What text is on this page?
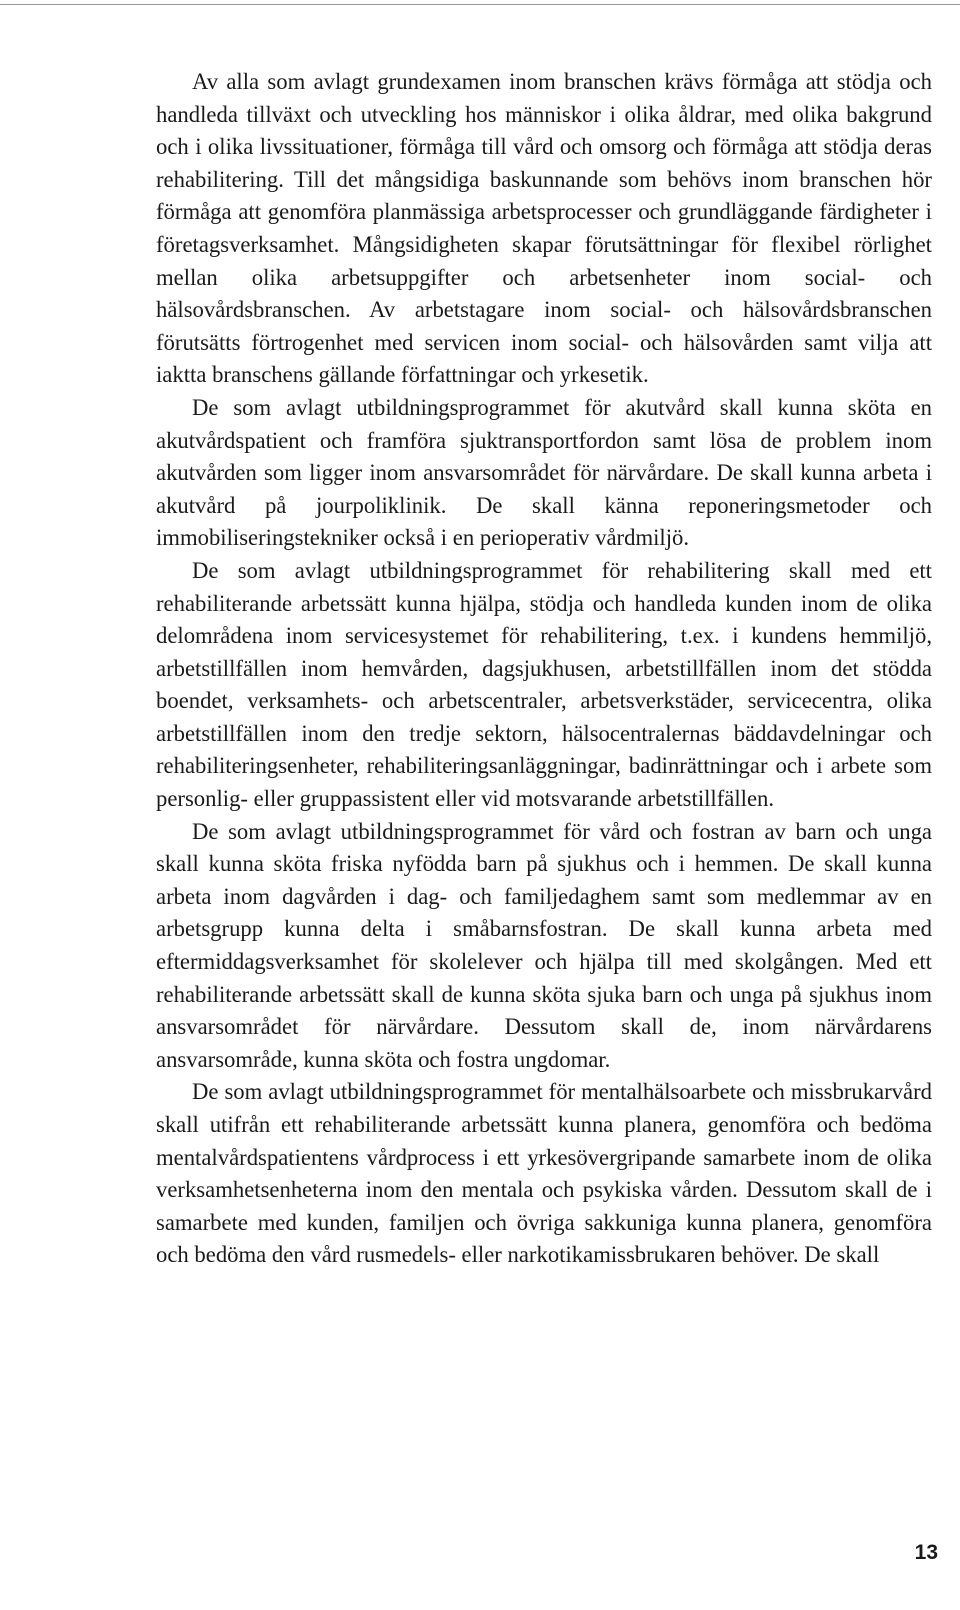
Av alla som avlagt grundexamen inom branschen krävs förmåga att stödja och handleda tillväxt och utveckling hos människor i olika åldrar, med olika bakgrund och i olika livssituationer, förmåga till vård och omsorg och förmåga att stödja deras rehabilitering. Till det mångsidiga baskunnande som behövs inom branschen hör förmåga att genomföra planmässiga arbetsprocesser och grundläggande färdigheter i företagsverksamhet. Mångsidigheten skapar förutsättningar för flexibel rörlighet mellan olika arbetsuppgifter och arbetsenheter inom social- och hälsovårdsbranschen. Av arbetstagare inom social- och hälsovårdsbranschen förutsätts förtrogenhet med servicen inom social- och hälsovården samt vilja att iaktta branschens gällande författningar och yrkesetik.

De som avlagt utbildningsprogrammet för akutvård skall kunna sköta en akutvårdspatient och framföra sjuktransportfordon samt lösa de problem inom akutvården som ligger inom ansvarsområdet för närvårdare. De skall kunna arbeta i akutvård på jourpoliklinik. De skall känna reponeringsmetoder och immobiliseringstekniker också i en perioperativ vårdmiljö.

De som avlagt utbildningsprogrammet för rehabilitering skall med ett rehabiliterande arbetssätt kunna hjälpa, stödja och handleda kunden inom de olika delområdena inom servicesystemet för rehabilitering, t.ex. i kundens hemmiljö, arbetstillfällen inom hemvården, dagsjukhusen, arbetstillfällen inom det stödda boendet, verksamhets- och arbetscentraler, arbetsverkstäder, servicecentra, olika arbetstillfällen inom den tredje sektorn, hälsocentralernas bäddavdelningar och rehabiliteringsenheter, rehabiliteringsanläggningar, badinrättningar och i arbete som personlig- eller gruppassistent eller vid motsvarande arbetstillfällen.

De som avlagt utbildningsprogrammet för vård och fostran av barn och unga skall kunna sköta friska nyfödda barn på sjukhus och i hemmen. De skall kunna arbeta inom dagvården i dag- och familjedaghem samt som medlemmar av en arbetsgrupp kunna delta i småbarnsfostran. De skall kunna arbeta med eftermiddagsverksamhet för skolelever och hjälpa till med skolgången. Med ett rehabiliterande arbetssätt skall de kunna sköta sjuka barn och unga på sjukhus inom ansvarsområdet för närvårdare. Dessutom skall de, inom närvårdarens ansvarsområde, kunna sköta och fostra ungdomar.

De som avlagt utbildningsprogrammet för mentalhälsoarbete och missbrukarvård skall utifrån ett rehabiliterande arbetssätt kunna planera, genomföra och bedöma mentalvårdspatientens vårdprocess i ett yrkesövergripande samarbete inom de olika verksamhetsenheterna inom den mentala och psykiska vården. Dessutom skall de i samarbete med kunden, familjen och övriga sakkuniga kunna planera, genomföra och bedöma den vård rusmedels- eller narkotikamissbrukaren behöver. De skall

13
